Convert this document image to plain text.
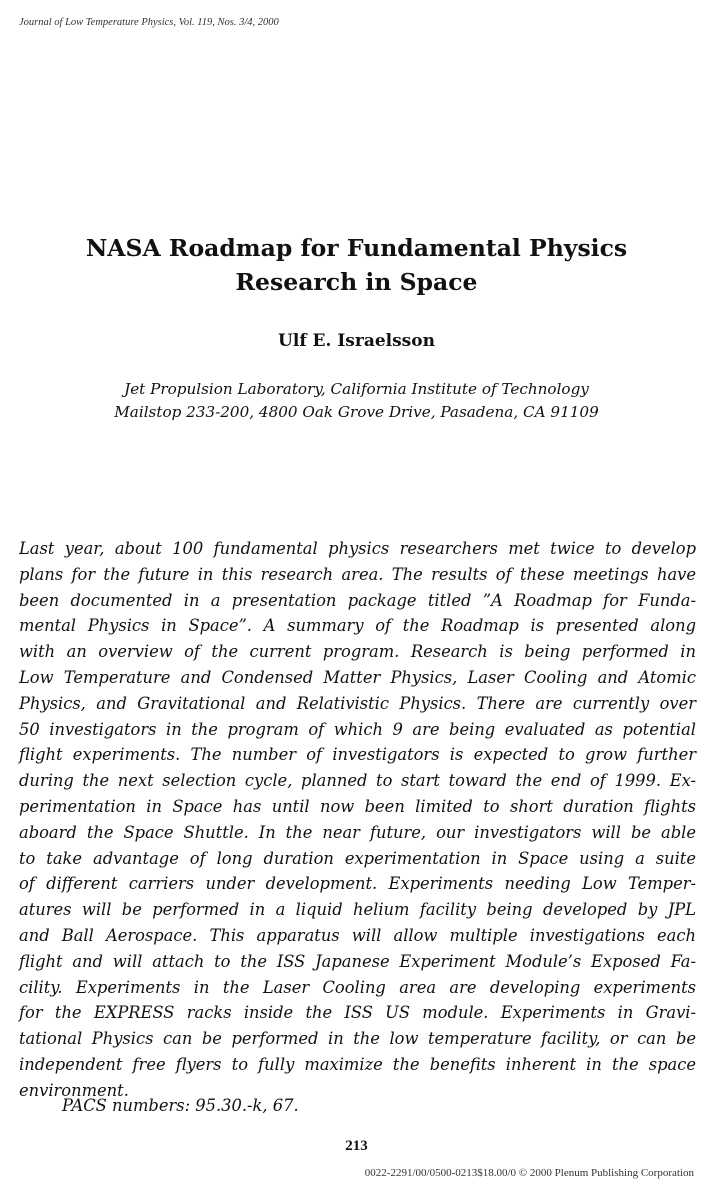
Journal of Low Temperature Physics, Vol. 119, Nos. 3/4, 2000
NASA Roadmap for Fundamental Physics
Research in Space
Ulf E. Israelsson
Jet Propulsion Laboratory, California Institute of Technology
Mailstop 233-200, 4800 Oak Grove Drive, Pasadena, CA 91109
Last year, about 100 fundamental physics researchers met twice to develop
plans for the future in this research area. The results of these meetings have
been documented in a presentation package titled ”A Roadmap for Funda-
mental Physics in Space”. A summary of the Roadmap is presented along
with an overview of the current program. Research is being performed in
Low Temperature and Condensed Matter Physics, Laser Cooling and Atomic
Physics, and Gravitational and Relativistic Physics. There are currently over
50 investigators in the program of which 9 are being evaluated as potential
flight experiments. The number of investigators is expected to grow further
during the next selection cycle, planned to start toward the end of 1999. Ex-
perimentation in Space has until now been limited to short duration flights
aboard the Space Shuttle. In the near future, our investigators will be able
to take advantage of long duration experimentation in Space using a suite
of different carriers under development. Experiments needing Low Temper-
atures will be performed in a liquid helium facility being developed by JPL
and Ball Aerospace. This apparatus will allow multiple investigations each
flight and will attach to the ISS Japanese Experiment Module’s Exposed Fa-
cility. Experiments in the Laser Cooling area are developing experiments
for the EXPRESS racks inside the ISS US module. Experiments in Gravi-
tational Physics can be performed in the low temperature facility, or can be
independent free flyers to fully maximize the benefits inherent in the space
environment.
PACS numbers: 95.30.-k, 67.
213
0022-2291/00/0500-0213$18.00/0 © 2000 Plenum Publishing Corporation
